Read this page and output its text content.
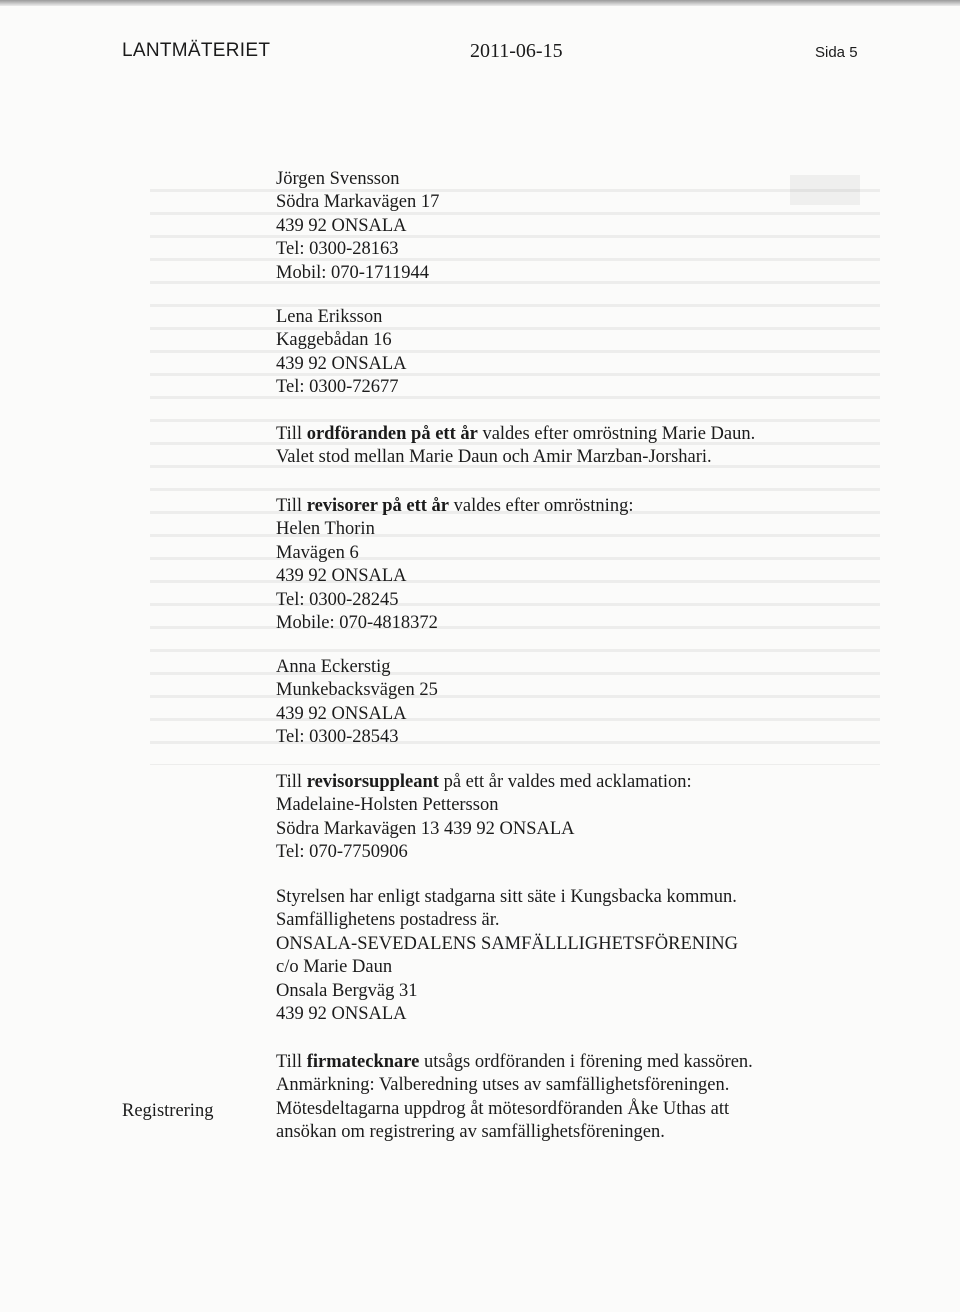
LANTMÄTERIET	2011-06-15	Sida 5
Jörgen Svensson
Södra Markavägen 17
439 92 ONSALA
Tel: 0300-28163
Mobil: 070-1711944
Lena Eriksson
Kaggebådan 16
439 92 ONSALA
Tel: 0300-72677
Till ordföranden på ett år valdes efter omröstning Marie Daun.
Valet stod mellan Marie Daun och Amir Marzban-Jorshari.
Till revisorer på ett år valdes efter omröstning:
Helen Thorin
Mavägen 6
439 92 ONSALA
Tel: 0300-28245
Mobile: 070-4818372
Anna Eckerstig
Munkebacksvägen 25
439 92 ONSALA
Tel: 0300-28543
Till revisorsuppleant på ett år valdes med acklamation:
Madelaine-Holsten Pettersson
Södra Markavägen 13 439 92 ONSALA
Tel: 070-7750906
Styrelsen har enligt stadgarna sitt säte i Kungsbacka kommun.
Samfällighetens postadress är.
ONSALA-SEVEDALENS SAMFÄLLLIGHETSFÖRENING
c/o Marie Daun
Onsala Bergväg 31
439 92 ONSALA
Till firmatecknare utsågs ordföranden i förening med kassören.
Anmärkning: Valberedning utses av samfällighetsföreningen.
Mötesdeltagarna uppdrog åt mötesordföranden Åke Uthas att
ansökan om registrering av samfällighetsföreningen.
Registrering
